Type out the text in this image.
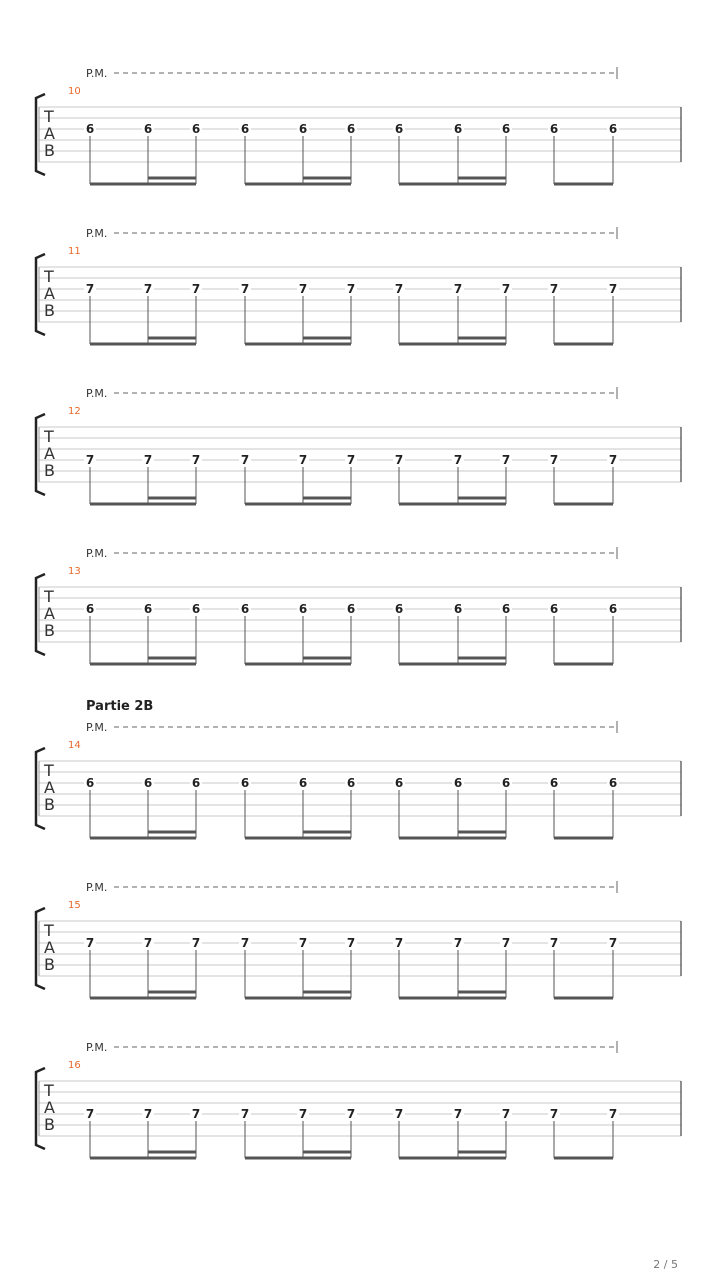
P.M.
10
T
A
B
6	6	6	6	6	6	6	6	6	6	6
P.M.
11
T
A
B
7	7	7	7	7	7	7	7	7	7	7
P.M.
12
T
A
B
7	7	7	7	7	7	7	7	7	7	7
P.M.
13
T
A
B
6	6	6	6	6	6	6	6	6	6	6
Partie 2B
P.M.
14
T
A
B
6	6	6	6	6	6	6	6	6	6	6
P.M.
15
T
A
B
7	7	7	7	7	7	7	7	7	7	7
P.M.
16
T
A
B
7	7	7	7	7	7	7	7	7	7	7
2 / 5
